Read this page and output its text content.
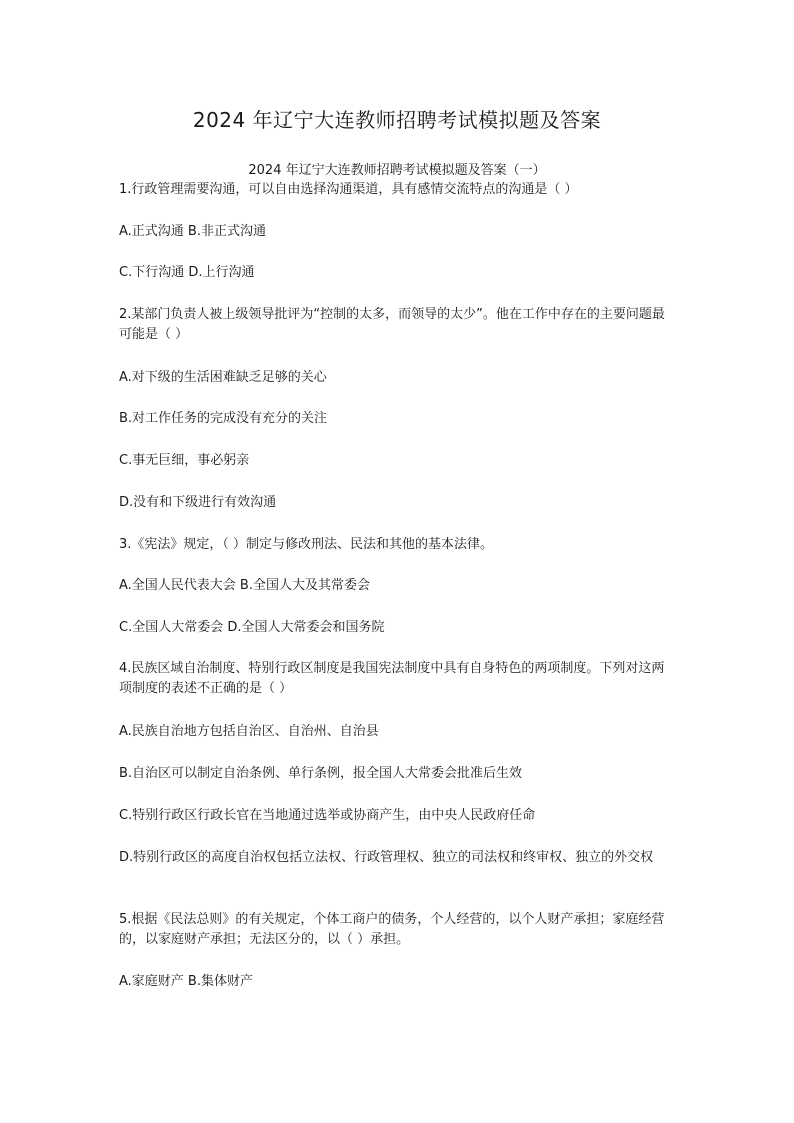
2024 年辽宁大连教师招聘考试模拟题及答案
2024 年辽宁大连教师招聘考试模拟题及答案（一）
1.行政管理需要沟通，可以自由选择沟通渠道，具有感情交流特点的沟通是（ ）
A.正式沟通 B.非正式沟通
C.下行沟通 D.上行沟通
2.某部门负责人被上级领导批评为“控制的太多，而领导的太少”。他在工作中存在的主要问题最可能是（ ）
A.对下级的生活困难缺乏足够的关心
B.对工作任务的完成没有充分的关注
C.事无巨细，事必躬亲
D.没有和下级进行有效沟通
3.《宪法》规定，（ ）制定与修改刑法、民法和其他的基本法律。
A.全国人民代表大会 B.全国人大及其常委会
C.全国人大常委会 D.全国人大常委会和国务院
4.民族区域自治制度、特别行政区制度是我国宪法制度中具有自身特色的两项制度。下列对这两项制度的表述不正确的是（ ）
A.民族自治地方包括自治区、自治州、自治县
B.自治区可以制定自治条例、单行条例，报全国人大常委会批准后生效
C.特别行政区行政长官在当地通过选举或协商产生，由中央人民政府任命
D.特别行政区的高度自治权包括立法权、行政管理权、独立的司法权和终审权、独立的外交权
5.根据《民法总则》的有关规定，个体工商户的债务，个人经营的，以个人财产承担；家庭经营的，以家庭财产承担；无法区分的，以（ ）承担。
A.家庭财产 B.集体财产
